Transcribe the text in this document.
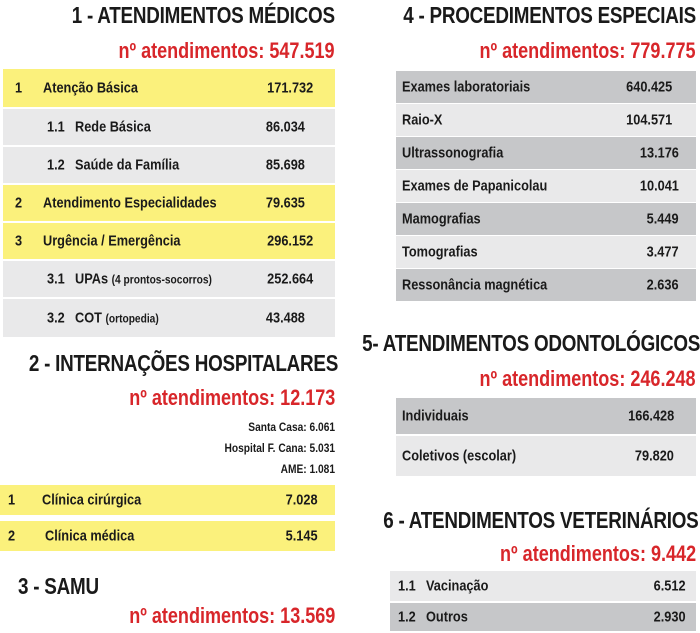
1 - ATENDIMENTOS MÉDICOS
nº atendimentos: 547.519
1 Atenção Básica	171.732
1.1 Rede Básica	86.034
1.2 Saúde da Família	85.698
2 Atendimento Especialidades	79.635
3 Urgência / Emergência	296.152
3.1 UPAs (4 prontos-socorros)	252.664
3.2 COT (ortopedia)	43.488
2 - INTERNAÇÕES HOSPITALARES
nº atendimentos: 12.173
Santa Casa: 6.061
Hospital F. Cana: 5.031
AME: 1.081
1 Clínica cirúrgica	7.028
2 Clínica médica	5.145
3 - SAMU
nº atendimentos: 13.569
4 - PROCEDIMENTOS ESPECIAIS
nº atendimentos: 779.775
Exames laboratoriais	640.425
Raio-X	104.571
Ultrassonografia	13.176
Exames de Papanicolau	10.041
Mamografias	5.449
Tomografias	3.477
Ressonância magnética	2.636
5- ATENDIMENTOS ODONTOLÓGICOS
nº atendimentos: 246.248
Individuais	166.428
Coletivos (escolar)	79.820
6 - ATENDIMENTOS VETERINÁRIOS
nº atendimentos: 9.442
1.1 Vacinação	6.512
1.2 Outros	2.930
